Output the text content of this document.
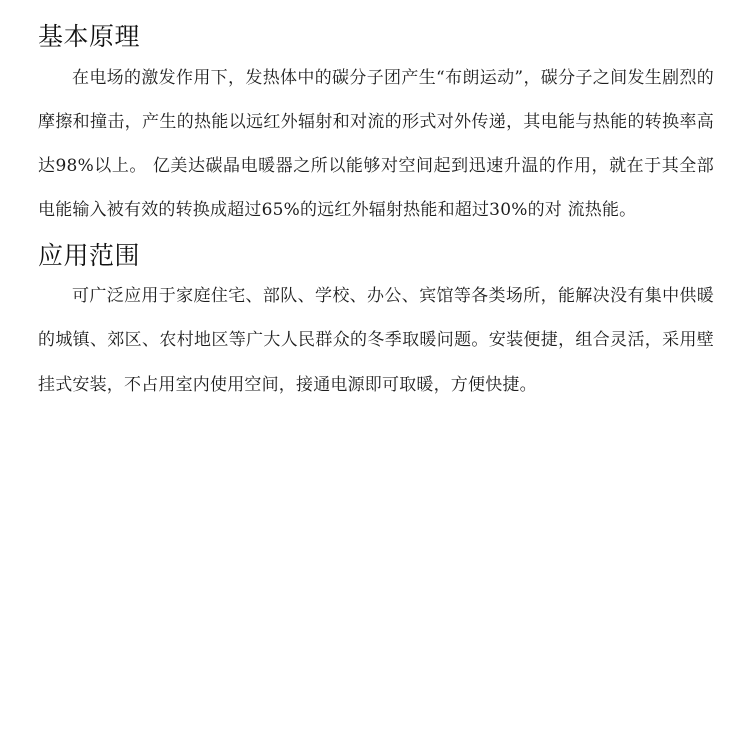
基本原理

在电场的激发作用下，发热体中的碳分子团产生“布朗运动”，碳分子之间发生剧烈的摩擦和撞击，产生的热能以远红外辐射和对流的形式对外传递，其电能与热能的转换率高达98%以上。 亿美达碳晶电暖器之所以能够对空间起到迅速升温的作用，就在于其全部电能输入被有效的转换成超过65%的远红外辐射热能和超过30%的对 流热能。

应用范围

可广泛应用于家庭住宅、部队、学校、办公、宾馆等各类场所，能解决没有集中供暖的城镇、郊区、农村地区等广大人民群众的冬季取暖问题。安装便捷，组合灵活，采用壁挂式安装，不占用室内使用空间，接通电源即可取暖，方便快捷。
